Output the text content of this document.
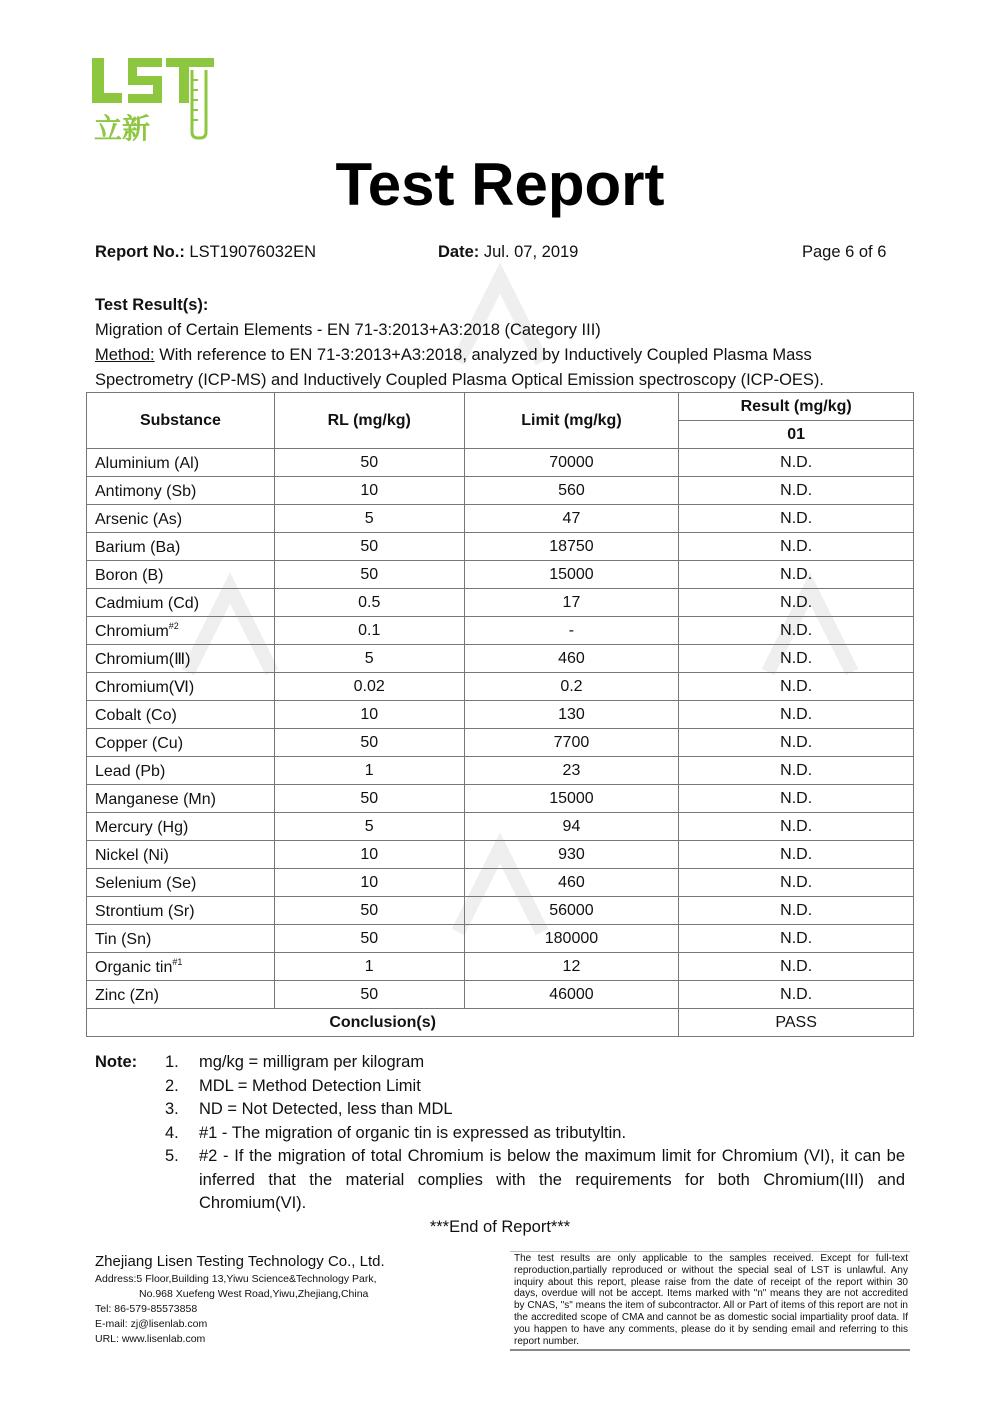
立新
Test Report
Report No.: LST19076032EN	Date: Jul. 07, 2019	Page 6 of 6
Test Result(s):
Migration of Certain Elements - EN 71-3:2013+A3:2018 (Category III)
Method: With reference to EN 71-3:2013+A3:2018, analyzed by Inductively Coupled Plasma Mass
Spectrometry (ICP-MS) and Inductively Coupled Plasma Optical Emission spectroscopy (ICP-OES).
Substance	RL (mg/kg)	Limit (mg/kg)	Result (mg/kg)
			01
Aluminium (Al)	50	70000	N.D.
Antimony (Sb)	10	560	N.D.
Arsenic (As)	5	47	N.D.
Barium (Ba)	50	18750	N.D.
Boron (B)	50	15000	N.D.
Cadmium (Cd)	0.5	17	N.D.
Chromium$^{\#2}$	0.1	-	N.D.
Chromium(Ⅲ)	5	460	N.D.
Chromium(Ⅵ)	0.02	0.2	N.D.
Cobalt (Co)	10	130	N.D.
Copper (Cu)	50	7700	N.D.
Lead (Pb)	1	23	N.D.
Manganese (Mn)	50	15000	N.D.
Mercury (Hg)	5	94	N.D.
Nickel (Ni)	10	930	N.D.
Selenium (Se)	10	460	N.D.
Strontium (Sr)	50	56000	N.D.
Tin (Sn)	50	180000	N.D.
Organic tin$^{\#1}$	1	12	N.D.
Zinc (Zn)	50	46000	N.D.
Conclusion(s)			PASS
Note:	1.	mg/kg = milligram per kilogram
2.	MDL = Method Detection Limit
3.	ND = Not Detected, less than MDL
4.	#1 - The migration of organic tin is expressed as tributyltin.
5.	#2 - If the migration of total Chromium is below the maximum limit for Chromium (VI), it can be inferred that the material complies with the requirements for both Chromium(III) and Chromium(VI).
***End of Report***
Zhejiang Lisen Testing Technology Co., Ltd.
Address:5 Floor,Building 13,Yiwu Science&Technology Park,
No.968 Xuefeng West Road,Yiwu,Zhejiang,China
Tel: 86-579-85573858
E-mail: zj@lisenlab.com
URL: www.lisenlab.com
The test results are only applicable to the samples received. Except for full-text reproduction,partially reproduced or without the special seal of LST is unlawful. Any inquiry about this report, please raise from the date of receipt of the report within 30 days, overdue will not be accept. Items marked with "n" means they are not accredited by CNAS, "s" means the item of subcontractor. All or Part of items of this report are not in the accredited scope of CMA and cannot be as domestic social impartiality proof data. If you happen to have any comments, please do it by sending email and referring to this report number.
